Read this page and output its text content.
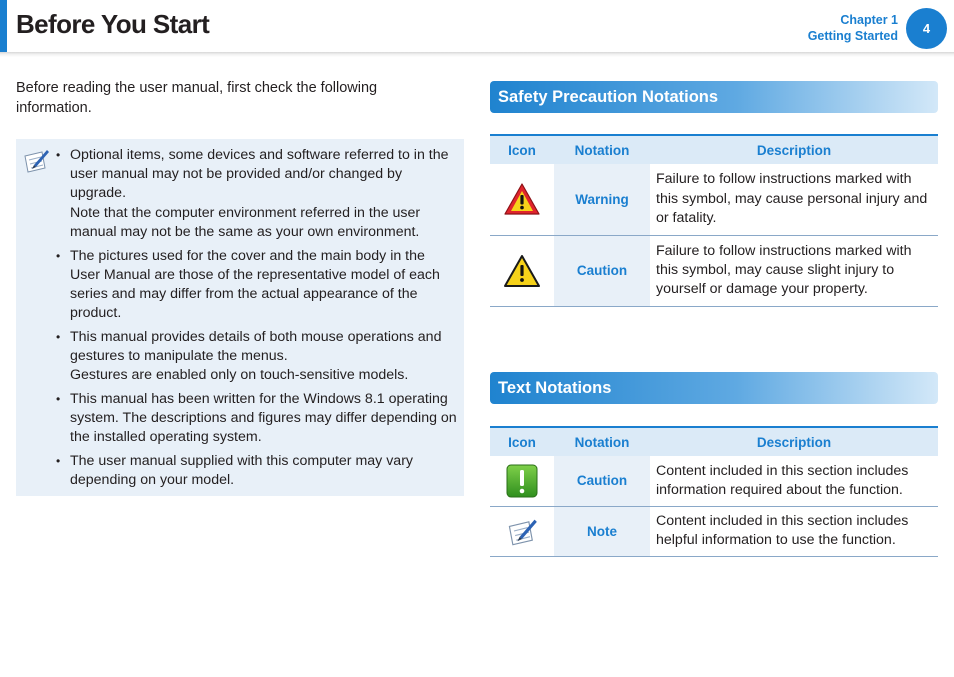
Before You Start	Chapter 1
Getting Started	4
Before reading the user manual, first check the following information.
• Optional items, some devices and software referred to in the user manual may not be provided and/or changed by upgrade.
Note that the computer environment referred in the user manual may not be the same as your own environment.
• The pictures used for the cover and the main body in the User Manual are those of the representative model of each series and may differ from the actual appearance of the product.
• This manual provides details of both mouse operations and gestures to manipulate the menus.
Gestures are enabled only on touch-sensitive models.
• This manual has been written for the Windows 8.1 operating system. The descriptions and figures may differ depending on the installed operating system.
• The user manual supplied with this computer may vary depending on your model.
Safety Precaution Notations
Icon	Notation	Description
	Warning	Failure to follow instructions marked with this symbol, may cause personal injury and or fatality.
	Caution	Failure to follow instructions marked with this symbol, may cause slight injury to yourself or damage your property.
Text Notations
Icon	Notation	Description
	Caution	Content included in this section includes information required about the function.
	Note	Content included in this section includes helpful information to use the function.
